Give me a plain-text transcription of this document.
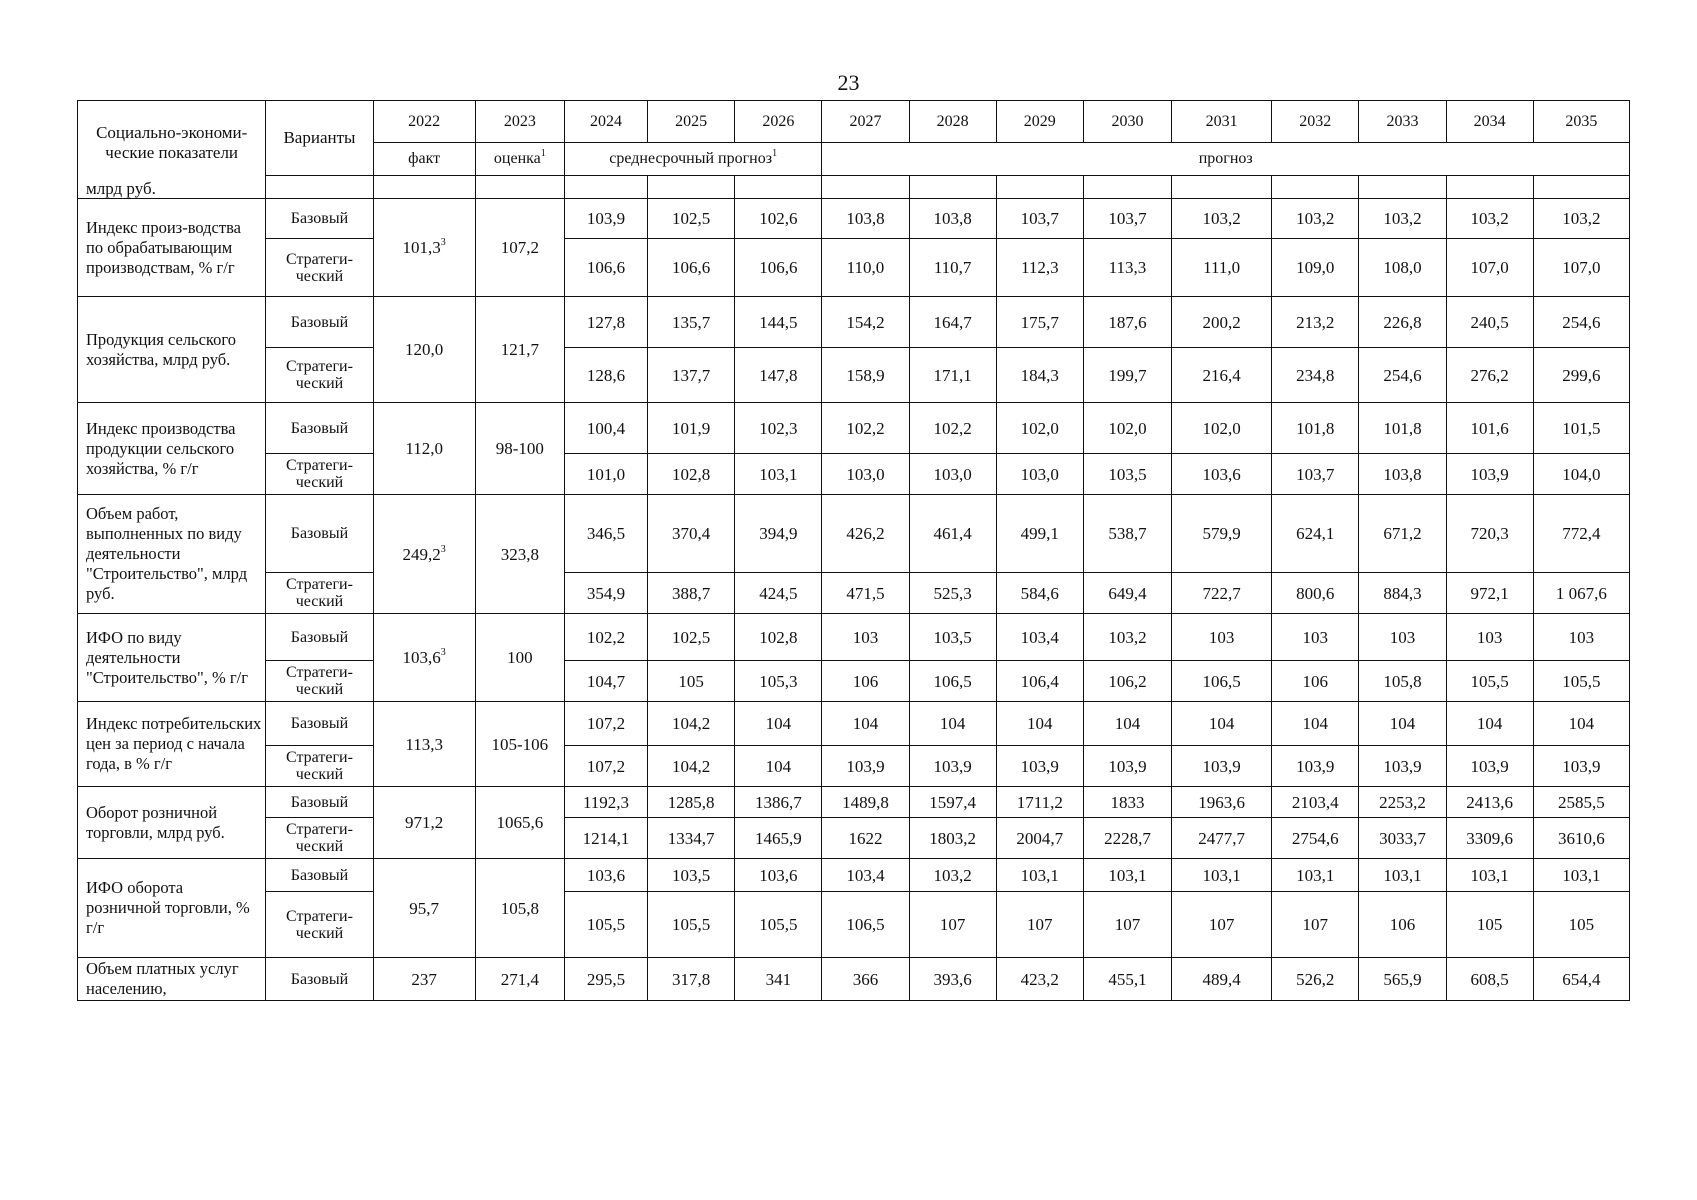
23
Социально-экономи-ческие показатели
млрд руб.	Варианты	2022	2023	2024	2025	2026	2027	2028	2029	2030	2031	2032	2033	2034	2035
		факт	оценка$^1$	среднесрочный прогноз$^1$			прогноз								

Индекс произ-водства по обрабатывающим производствам, % г/г	Базовый	101,3$^3$	107,2	103,9	102,5	102,6	103,8	103,8	103,7	103,7	103,2	103,2	103,2	103,2	103,2
	Стратеги-ческий			106,6	106,6	106,6	110,0	110,7	112,3	113,3	111,0	109,0	108,0	107,0	107,0
Продукция сельского хозяйства, млрд руб.	Базовый	120,0	121,7	127,8	135,7	144,5	154,2	164,7	175,7	187,6	200,2	213,2	226,8	240,5	254,6
	Стратеги-ческий			128,6	137,7	147,8	158,9	171,1	184,3	199,7	216,4	234,8	254,6	276,2	299,6
Индекс производства продукции сельского хозяйства, % г/г	Базовый	112,0	98-100	100,4	101,9	102,3	102,2	102,2	102,0	102,0	102,0	101,8	101,8	101,6	101,5
	Стратеги-ческий			101,0	102,8	103,1	103,0	103,0	103,0	103,5	103,6	103,7	103,8	103,9	104,0
Объем работ, выполненных по виду деятельности "Строительство", млрд руб.	Базовый	249,2$^3$	323,8	346,5	370,4	394,9	426,2	461,4	499,1	538,7	579,9	624,1	671,2	720,3	772,4
	Стратеги-ческий			354,9	388,7	424,5	471,5	525,3	584,6	649,4	722,7	800,6	884,3	972,1	1 067,6
ИФО по виду деятельности "Строительство", % г/г	Базовый	103,6$^3$	100	102,2	102,5	102,8	103	103,5	103,4	103,2	103	103	103	103	103
	Стратеги-ческий			104,7	105	105,3	106	106,5	106,4	106,2	106,5	106	105,8	105,5	105,5
Индекс потребительских цен за период с начала года, в % г/г	Базовый	113,3	105-106	107,2	104,2	104	104	104	104	104	104	104	104	104	104
	Стратеги-ческий			107,2	104,2	104	103,9	103,9	103,9	103,9	103,9	103,9	103,9	103,9	103,9
Оборот розничной торговли, млрд руб.	Базовый	971,2	1065,6	1192,3	1285,8	1386,7	1489,8	1597,4	1711,2	1833	1963,6	2103,4	2253,2	2413,6	2585,5
	Стратеги-ческий			1214,1	1334,7	1465,9	1622	1803,2	2004,7	2228,7	2477,7	2754,6	3033,7	3309,6	3610,6
ИФО оборота розничной торговли, % г/г	Базовый	95,7	105,8	103,6	103,5	103,6	103,4	103,2	103,1	103,1	103,1	103,1	103,1	103,1	103,1
	Стратеги-ческий			105,5	105,5	105,5	106,5	107	107	107	107	107	106	105	105
Объем платных услуг населению,	Базовый	237	271,4	295,5	317,8	341	366	393,6	423,2	455,1	489,4	526,2	565,9	608,5	654,4
